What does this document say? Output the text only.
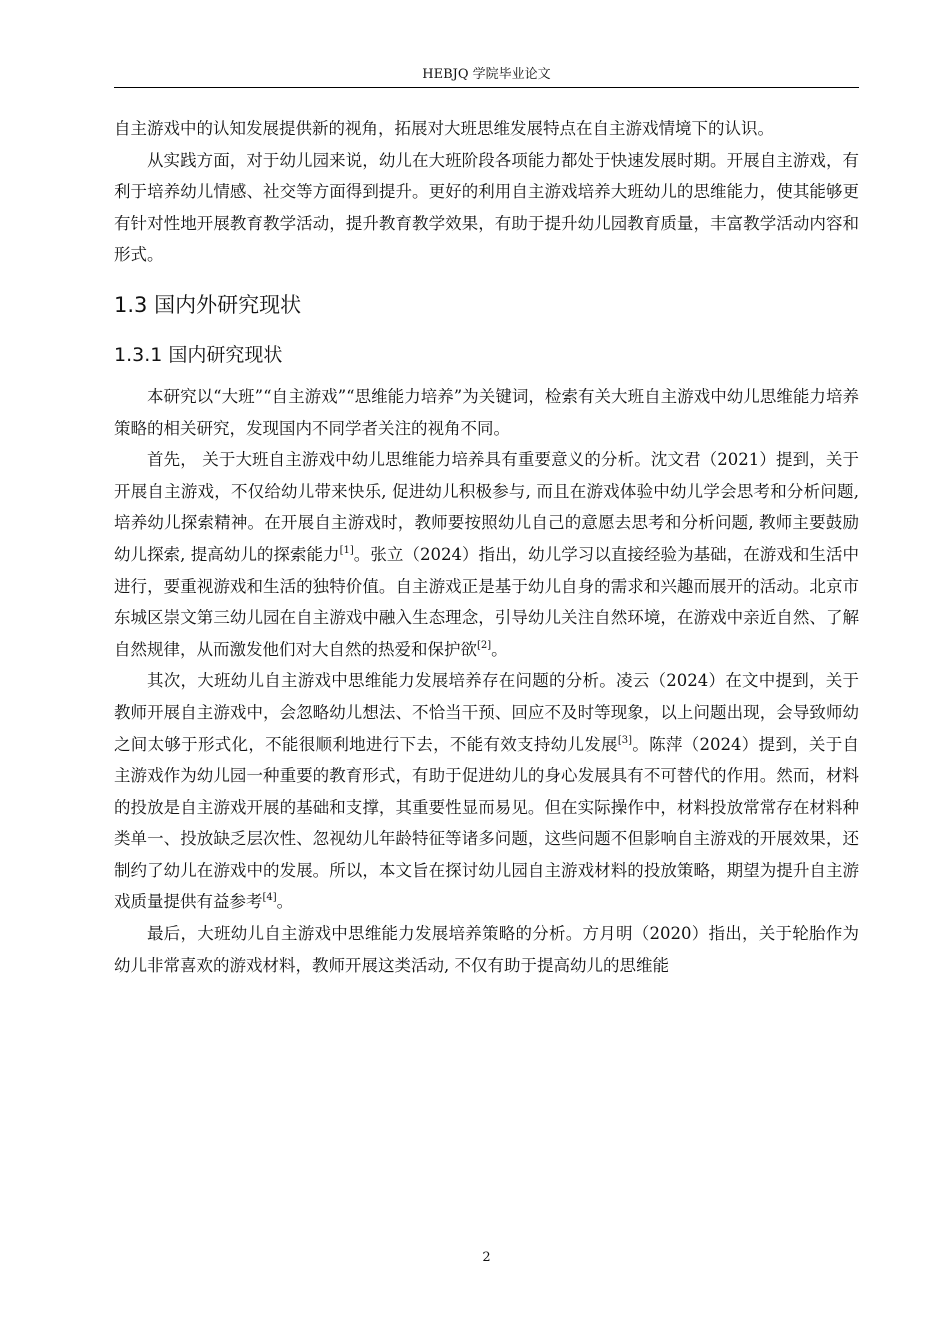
HEBJQ 学院毕业论文

自主游戏中的认知发展提供新的视角，拓展对大班思维发展特点在自主游戏情境下的认识。

从实践方面，对于幼儿园来说，幼儿在大班阶段各项能力都处于快速发展时期。开展自主游戏，有利于培养幼儿情感、社交等方面得到提升。更好的利用自主游戏培养大班幼儿的思维能力，使其能够更有针对性地开展教育教学活动，提升教育教学效果，有助于提升幼儿园教育质量，丰富教学活动内容和形式。

1.3 国内外研究现状
1.3.1 国内研究现状

本研究以“大班”“自主游戏”“思维能力培养”为关键词，检索有关大班自主游戏中幼儿思维能力培养策略的相关研究，发现国内不同学者关注的视角不同。

首先， 关于大班自主游戏中幼儿思维能力培养具有重要意义的分析。沈文君（2021）提到，关于开展自主游戏，不仅给幼儿带来快乐, 促进幼儿积极参与, 而且在游戏体验中幼儿学会思考和分析问题, 培养幼儿探索精神。在开展自主游戏时，教师要按照幼儿自己的意愿去思考和分析问题, 教师主要鼓励幼儿探索, 提高幼儿的探索能力[1]。张立（2024）指出，幼儿学习以直接经验为基础，在游戏和生活中进行，要重视游戏和生活的独特价值。自主游戏正是基于幼儿自身的需求和兴趣而展开的活动。北京市东城区崇文第三幼儿园在自主游戏中融入生态理念，引导幼儿关注自然环境，在游戏中亲近自然、了解自然规律，从而激发他们对大自然的热爱和保护欲[2]。

其次，大班幼儿自主游戏中思维能力发展培养存在问题的分析。凌云（2024）在文中提到，关于教师开展自主游戏中，会忽略幼儿想法、不恰当干预、回应不及时等现象，以上问题出现，会导致师幼之间太够于形式化，不能很顺利地进行下去，不能有效支持幼儿发展[3]。陈萍（2024）提到，关于自主游戏作为幼儿园一种重要的教育形式，有助于促进幼儿的身心发展具有不可替代的作用。然而，材料的投放是自主游戏开展的基础和支撑，其重要性显而易见。但在实际操作中，材料投放常常存在材料种类单一、投放缺乏层次性、忽视幼儿年龄特征等诸多问题，这些问题不但影响自主游戏的开展效果，还制约了幼儿在游戏中的发展。所以，本文旨在探讨幼儿园自主游戏材料的投放策略，期望为提升自主游戏质量提供有益参考[4]。

最后，大班幼儿自主游戏中思维能力发展培养策略的分析。方月明（2020）指出，关于轮胎作为幼儿非常喜欢的游戏材料，教师开展这类活动, 不仅有助于提高幼儿的思维能

2
